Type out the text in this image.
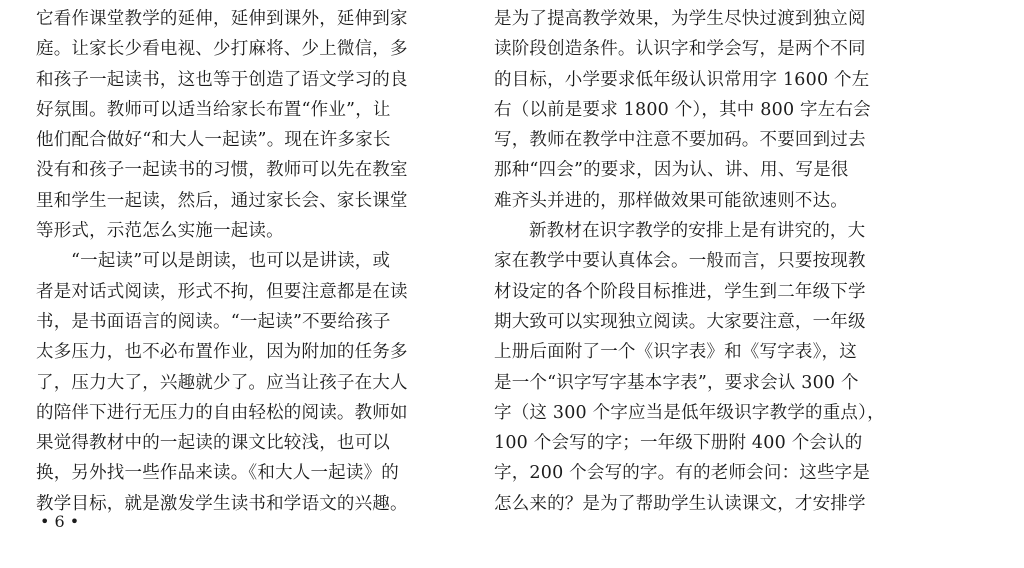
它看作课堂教学的延伸，延伸到课外，延伸到家
庭。让家长少看电视、少打麻将、少上微信，多
和孩子一起读书，这也等于创造了语文学习的良
好氛围。教师可以适当给家长布置“作业”，让
他们配合做好“和大人一起读”。现在许多家长
没有和孩子一起读书的习惯，教师可以先在教室
里和学生一起读，然后，通过家长会、家长课堂
等形式，示范怎么实施一起读。
“一起读”可以是朗读，也可以是讲读，或
者是对话式阅读，形式不拘，但要注意都是在读
书，是书面语言的阅读。“一起读”不要给孩子
太多压力，也不必布置作业，因为附加的任务多
了，压力大了，兴趣就少了。应当让孩子在大人
的陪伴下进行无压力的自由轻松的阅读。教师如
果觉得教材中的一起读的课文比较浅，也可以
换，另外找一些作品来读。《和大人一起读》的
教学目标，就是激发学生读书和学语文的兴趣。
是为了提高教学效果，为学生尽快过渡到独立阅
读阶段创造条件。认识字和学会写，是两个不同
的目标，小学要求低年级认识常用字 1600 个左
右（以前是要求 1800 个），其中 800 字左右会
写，教师在教学中注意不要加码。不要回到过去
那种“四会”的要求，因为认、讲、用、写是很
难齐头并进的，那样做效果可能欲速则不达。
新教材在识字教学的安排上是有讲究的，大
家在教学中要认真体会。一般而言，只要按现教
材设定的各个阶段目标推进，学生到二年级下学
期大致可以实现独立阅读。大家要注意，一年级
上册后面附了一个《识字表》和《写字表》，这
是一个“识字写字基本字表”，要求会认 300 个
字（这 300 个字应当是低年级识字教学的重点），
100 个会写的字；一年级下册附 400 个会认的
字，200 个会写的字。有的老师会问：这些字是
怎么来的？是为了帮助学生认读课文，才安排学
• 6 •
